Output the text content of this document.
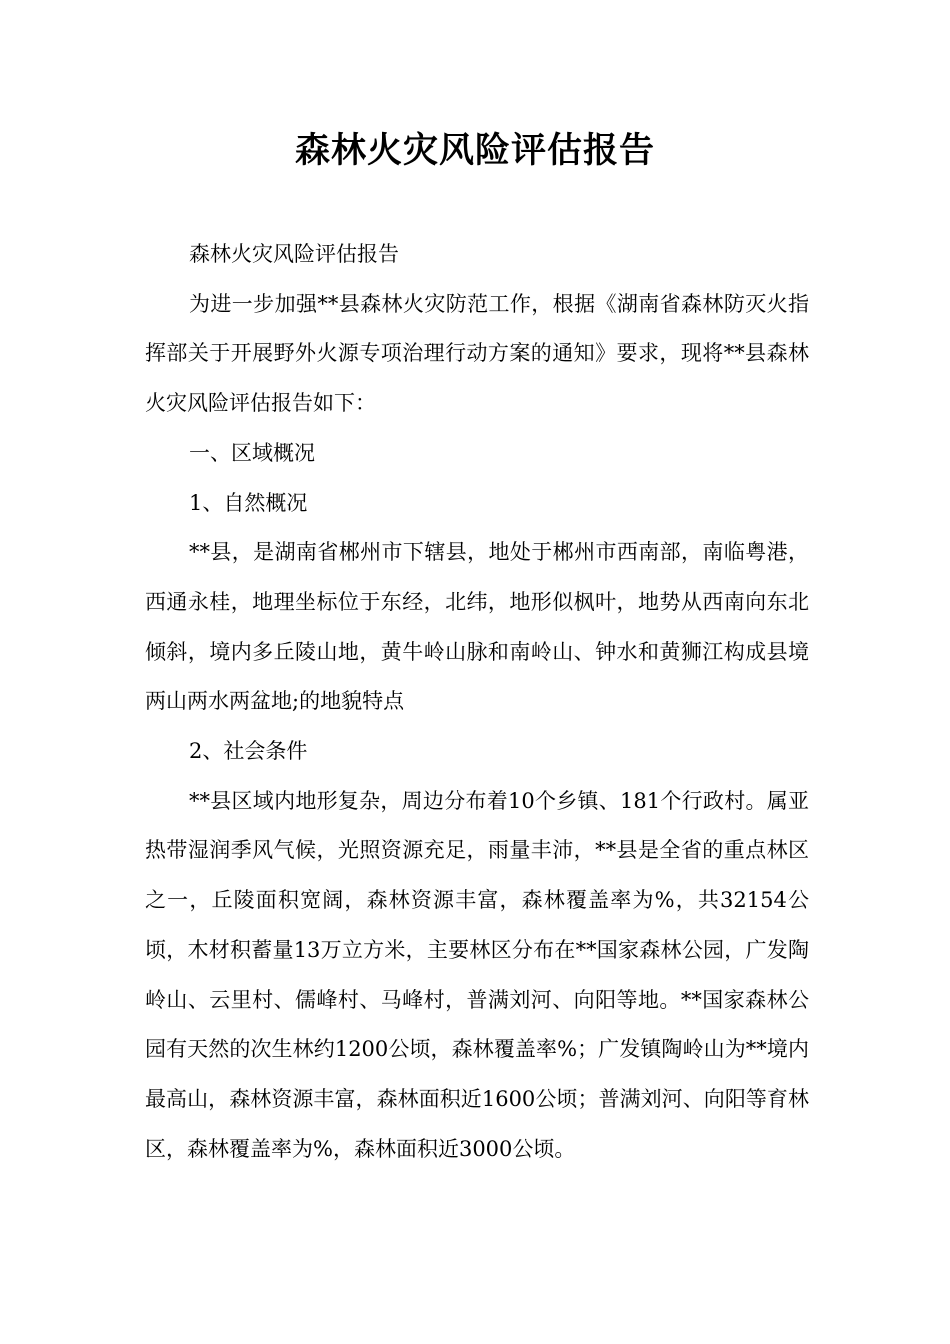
森林火灾风险评估报告

森林火灾风险评估报告

为进一步加强**县森林火灾防范工作，根据《湖南省森林防灭火指挥部关于开展野外火源专项治理行动方案的通知》要求，现将**县森林火灾风险评估报告如下：

一、区域概况

1、自然概况

**县，是湖南省郴州市下辖县，地处于郴州市西南部，南临粤港，西通永桂，地理坐标位于东经，北纬，地形似枫叶，地势从西南向东北倾斜，境内多丘陵山地，黄牛岭山脉和南岭山、钟水和黄狮江构成县境两山两水两盆地;的地貌特点

2、社会条件

**县区域内地形复杂，周边分布着10个乡镇、181个行政村。属亚热带湿润季风气候，光照资源充足，雨量丰沛，**县是全省的重点林区之一，丘陵面积宽阔，森林资源丰富，森林覆盖率为%，共32154公顷，木材积蓄量13万立方米，主要林区分布在**国家森林公园，广发陶岭山、云里村、儒峰村、马峰村，普满刘河、向阳等地。**国家森林公园有天然的次生林约1200公顷，森林覆盖率%；广发镇陶岭山为**境内最高山，森林资源丰富，森林面积近1600公顷；普满刘河、向阳等育林区，森林覆盖率为%，森林面积近3000公顷。
